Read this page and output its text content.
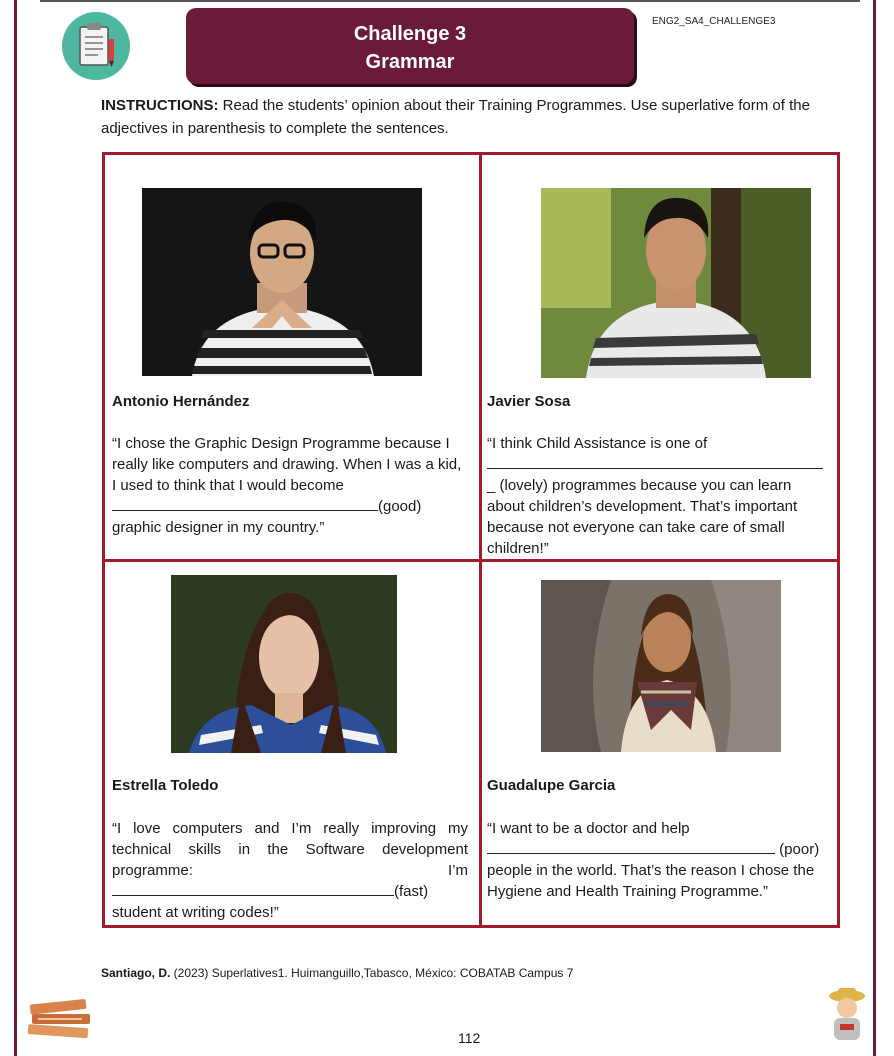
Challenge 3
Grammar
ENG2_SA4_CHALLENGE3
INSTRUCTIONS: Read the students’ opinion about their Training Programmes. Use superlative form of the adjectives in parenthesis to complete the sentences.
Antonio Hernández
“I chose the Graphic Design Programme because I really like computers and drawing. When I was a kid, I used to think that I would become
(good)
graphic designer in my country.”
Javier Sosa
“I think Child Assistance is one of

_ (lovely) programmes because you can learn about children’s development. That’s important because not everyone can take care of small children!”
Estrella Toledo
“I love computers and I’m really improving my technical skills in the Software development programme:	I’m

(fast)
student at writing codes!”
Guadalupe Garcia
“I want to be a doctor and help
(poor)
people in the world. That’s the reason I chose the Hygiene and Health Training Programme.”
Santiago, D. (2023) Superlatives1. Huimanguillo,Tabasco, México: COBATAB Campus 7
112
